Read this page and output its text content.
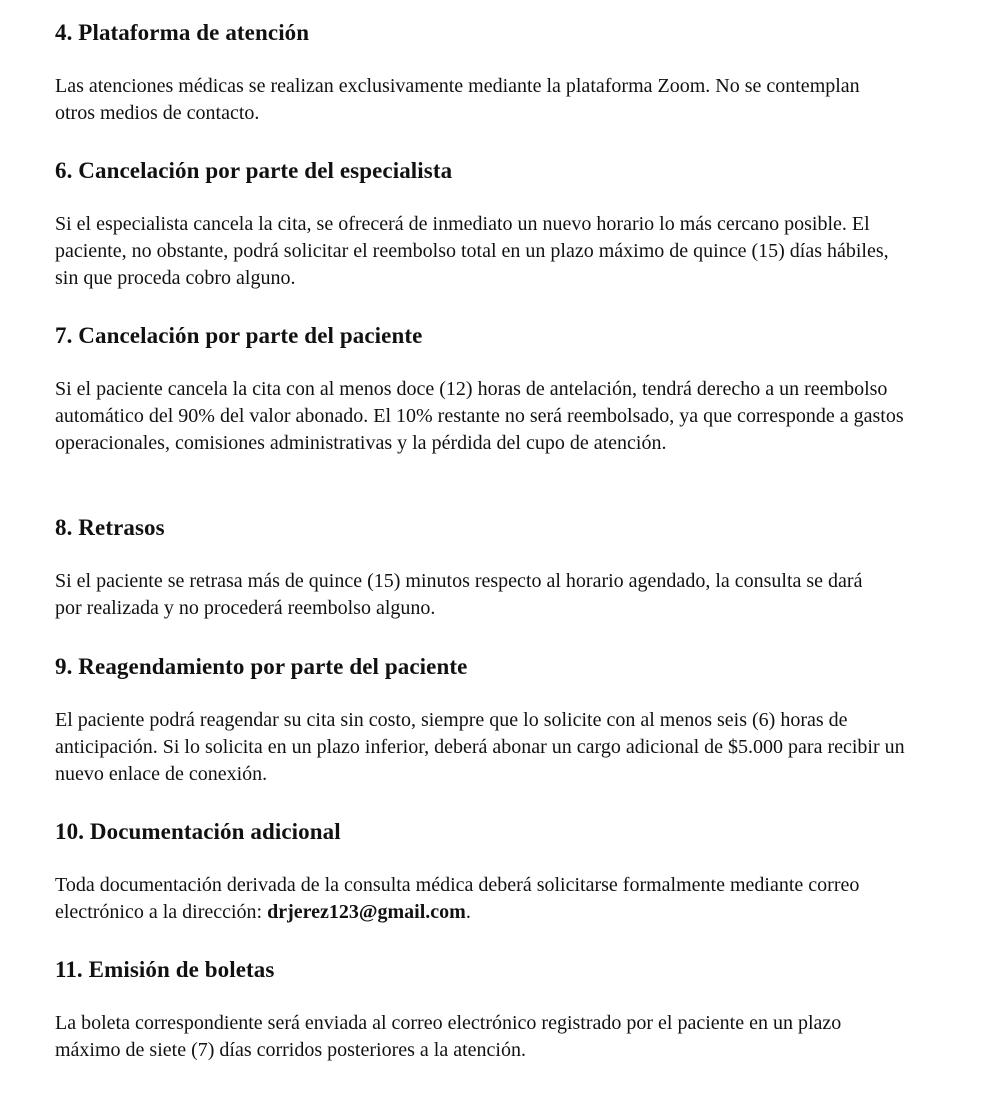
4. Plataforma de atención

Las atenciones médicas se realizan exclusivamente mediante la plataforma Zoom. No se contemplan otros medios de contacto.

6. Cancelación por parte del especialista

Si el especialista cancela la cita, se ofrecerá de inmediato un nuevo horario lo más cercano posible. El paciente, no obstante, podrá solicitar el reembolso total en un plazo máximo de quince (15) días hábiles, sin que proceda cobro alguno.

7. Cancelación por parte del paciente

Si el paciente cancela la cita con al menos doce (12) horas de antelación, tendrá derecho a un reembolso automático del 90% del valor abonado. El 10% restante no será reembolsado, ya que corresponde a gastos operacionales, comisiones administrativas y la pérdida del cupo de atención.

8. Retrasos

Si el paciente se retrasa más de quince (15) minutos respecto al horario agendado, la consulta se dará por realizada y no procederá reembolso alguno.

9. Reagendamiento por parte del paciente

El paciente podrá reagendar su cita sin costo, siempre que lo solicite con al menos seis (6) horas de anticipación. Si lo solicita en un plazo inferior, deberá abonar un cargo adicional de $5.000 para recibir un nuevo enlace de conexión.

10. Documentación adicional

Toda documentación derivada de la consulta médica deberá solicitarse formalmente mediante correo electrónico a la dirección: drjerez123@gmail.com.

11. Emisión de boletas

La boleta correspondiente será enviada al correo electrónico registrado por el paciente en un plazo máximo de siete (7) días corridos posteriores a la atención.
